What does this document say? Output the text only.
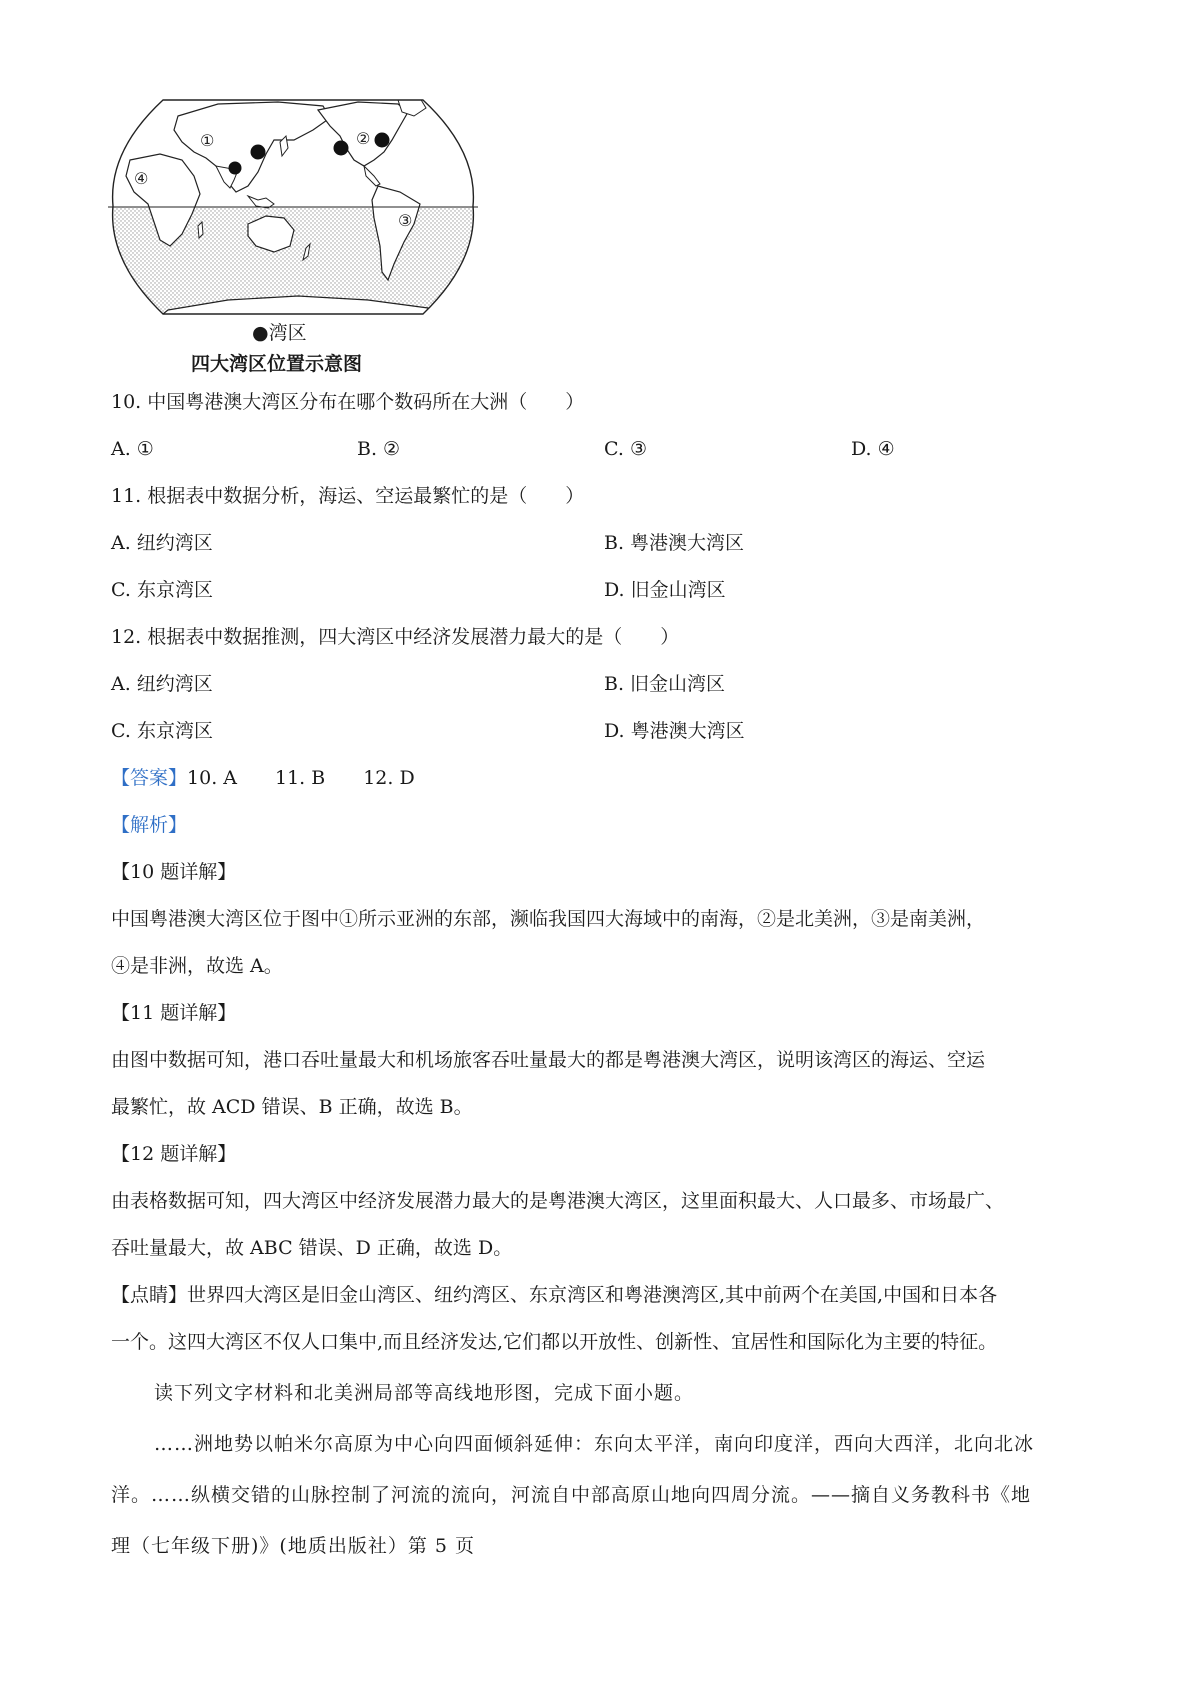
①	②
③
④
●湾区
四大湾区位置示意图
10. 中国粤港澳大湾区分布在哪个数码所在大洲（　　）
A. ①	B. ②	C. ③	D. ④
11. 根据表中数据分析，海运、空运最繁忙的是（　　）
A. 纽约湾区	B. 粤港澳大湾区
C. 东京湾区	D. 旧金山湾区
12. 根据表中数据推测，四大湾区中经济发展潜力最大的是（　　）
A. 纽约湾区	B. 旧金山湾区
C. 东京湾区	D. 粤港澳大湾区
【答案】10. A　　11. B　　12. D
【解析】
【10 题详解】
中国粤港澳大湾区位于图中①所示亚洲的东部，濒临我国四大海域中的南海，②是北美洲，③是南美洲，
④是非洲，故选 A。
【11 题详解】
由图中数据可知，港口吞吐量最大和机场旅客吞吐量最大的都是粤港澳大湾区，说明该湾区的海运、空运
最繁忙，故 ACD 错误、B 正确，故选 B。
【12 题详解】
由表格数据可知，四大湾区中经济发展潜力最大的是粤港澳大湾区，这里面积最大、人口最多、市场最广、
吞吐量最大，故 ABC 错误、D 正确，故选 D。
【点睛】世界四大湾区是旧金山湾区、纽约湾区、东京湾区和粤港澳湾区,其中前两个在美国,中国和日本各
一个。这四大湾区不仅人口集中,而且经济发达,它们都以开放性、创新性、宜居性和国际化为主要的特征。
读下列文字材料和北美洲局部等高线地形图，完成下面小题。
……洲地势以帕米尔高原为中心向四面倾斜延伸：东向太平洋，南向印度洋，西向大西洋，北向北冰
洋。……纵横交错的山脉控制了河流的流向，河流自中部高原山地向四周分流。——摘自义务教科书《地
理（七年级下册)》(地质出版社）第 5 页
